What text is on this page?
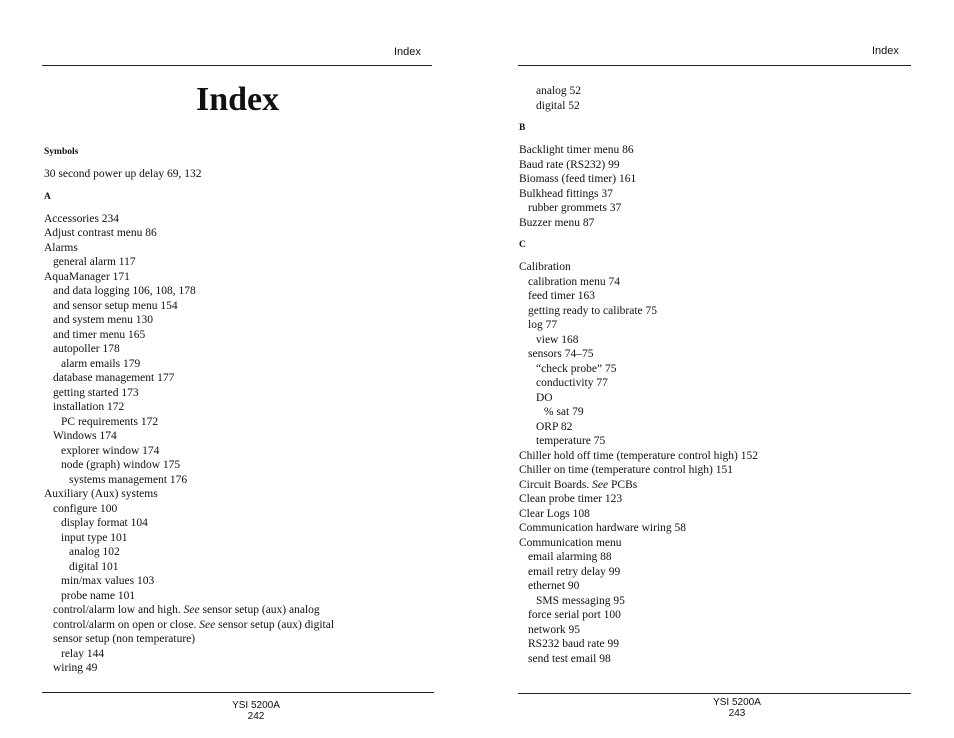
Index
Index
Symbols
30 second power up delay 69, 132
A
Accessories 234
Adjust contrast menu 86
Alarms
general alarm 117
AquaManager 171
and data logging 106, 108, 178
and sensor setup menu 154
and system menu 130
and timer menu 165
autopoller 178
alarm emails 179
database management 177
getting started 173
installation 172
PC requirements 172
Windows 174
explorer window 174
node (graph) window 175
systems management 176
Auxiliary (Aux) systems
configure 100
display format 104
input type 101
analog 102
digital 101
min/max values 103
probe name 101
control/alarm low and high. See sensor setup (aux) analog
control/alarm on open or close. See sensor setup (aux) digital
sensor setup (non temperature)
relay 144
wiring 49
YSI 5200A
242
Index
analog 52
digital 52
B
Backlight timer menu 86
Baud rate (RS232) 99
Biomass (feed timer) 161
Bulkhead fittings 37
rubber grommets 37
Buzzer menu 87
C
Calibration
calibration menu 74
feed timer 163
getting ready to calibrate 75
log 77
view 168
sensors 74–75
“check probe” 75
conductivity 77
DO
% sat 79
ORP 82
temperature 75
Chiller hold off time (temperature control high) 152
Chiller on time (temperature control high) 151
Circuit Boards. See PCBs
Clean probe timer 123
Clear Logs 108
Communication hardware wiring 58
Communication menu
email alarming 88
email retry delay 99
ethernet 90
SMS messaging 95
force serial port 100
network 95
RS232 baud rate 99
send test email 98
YSI 5200A
243
